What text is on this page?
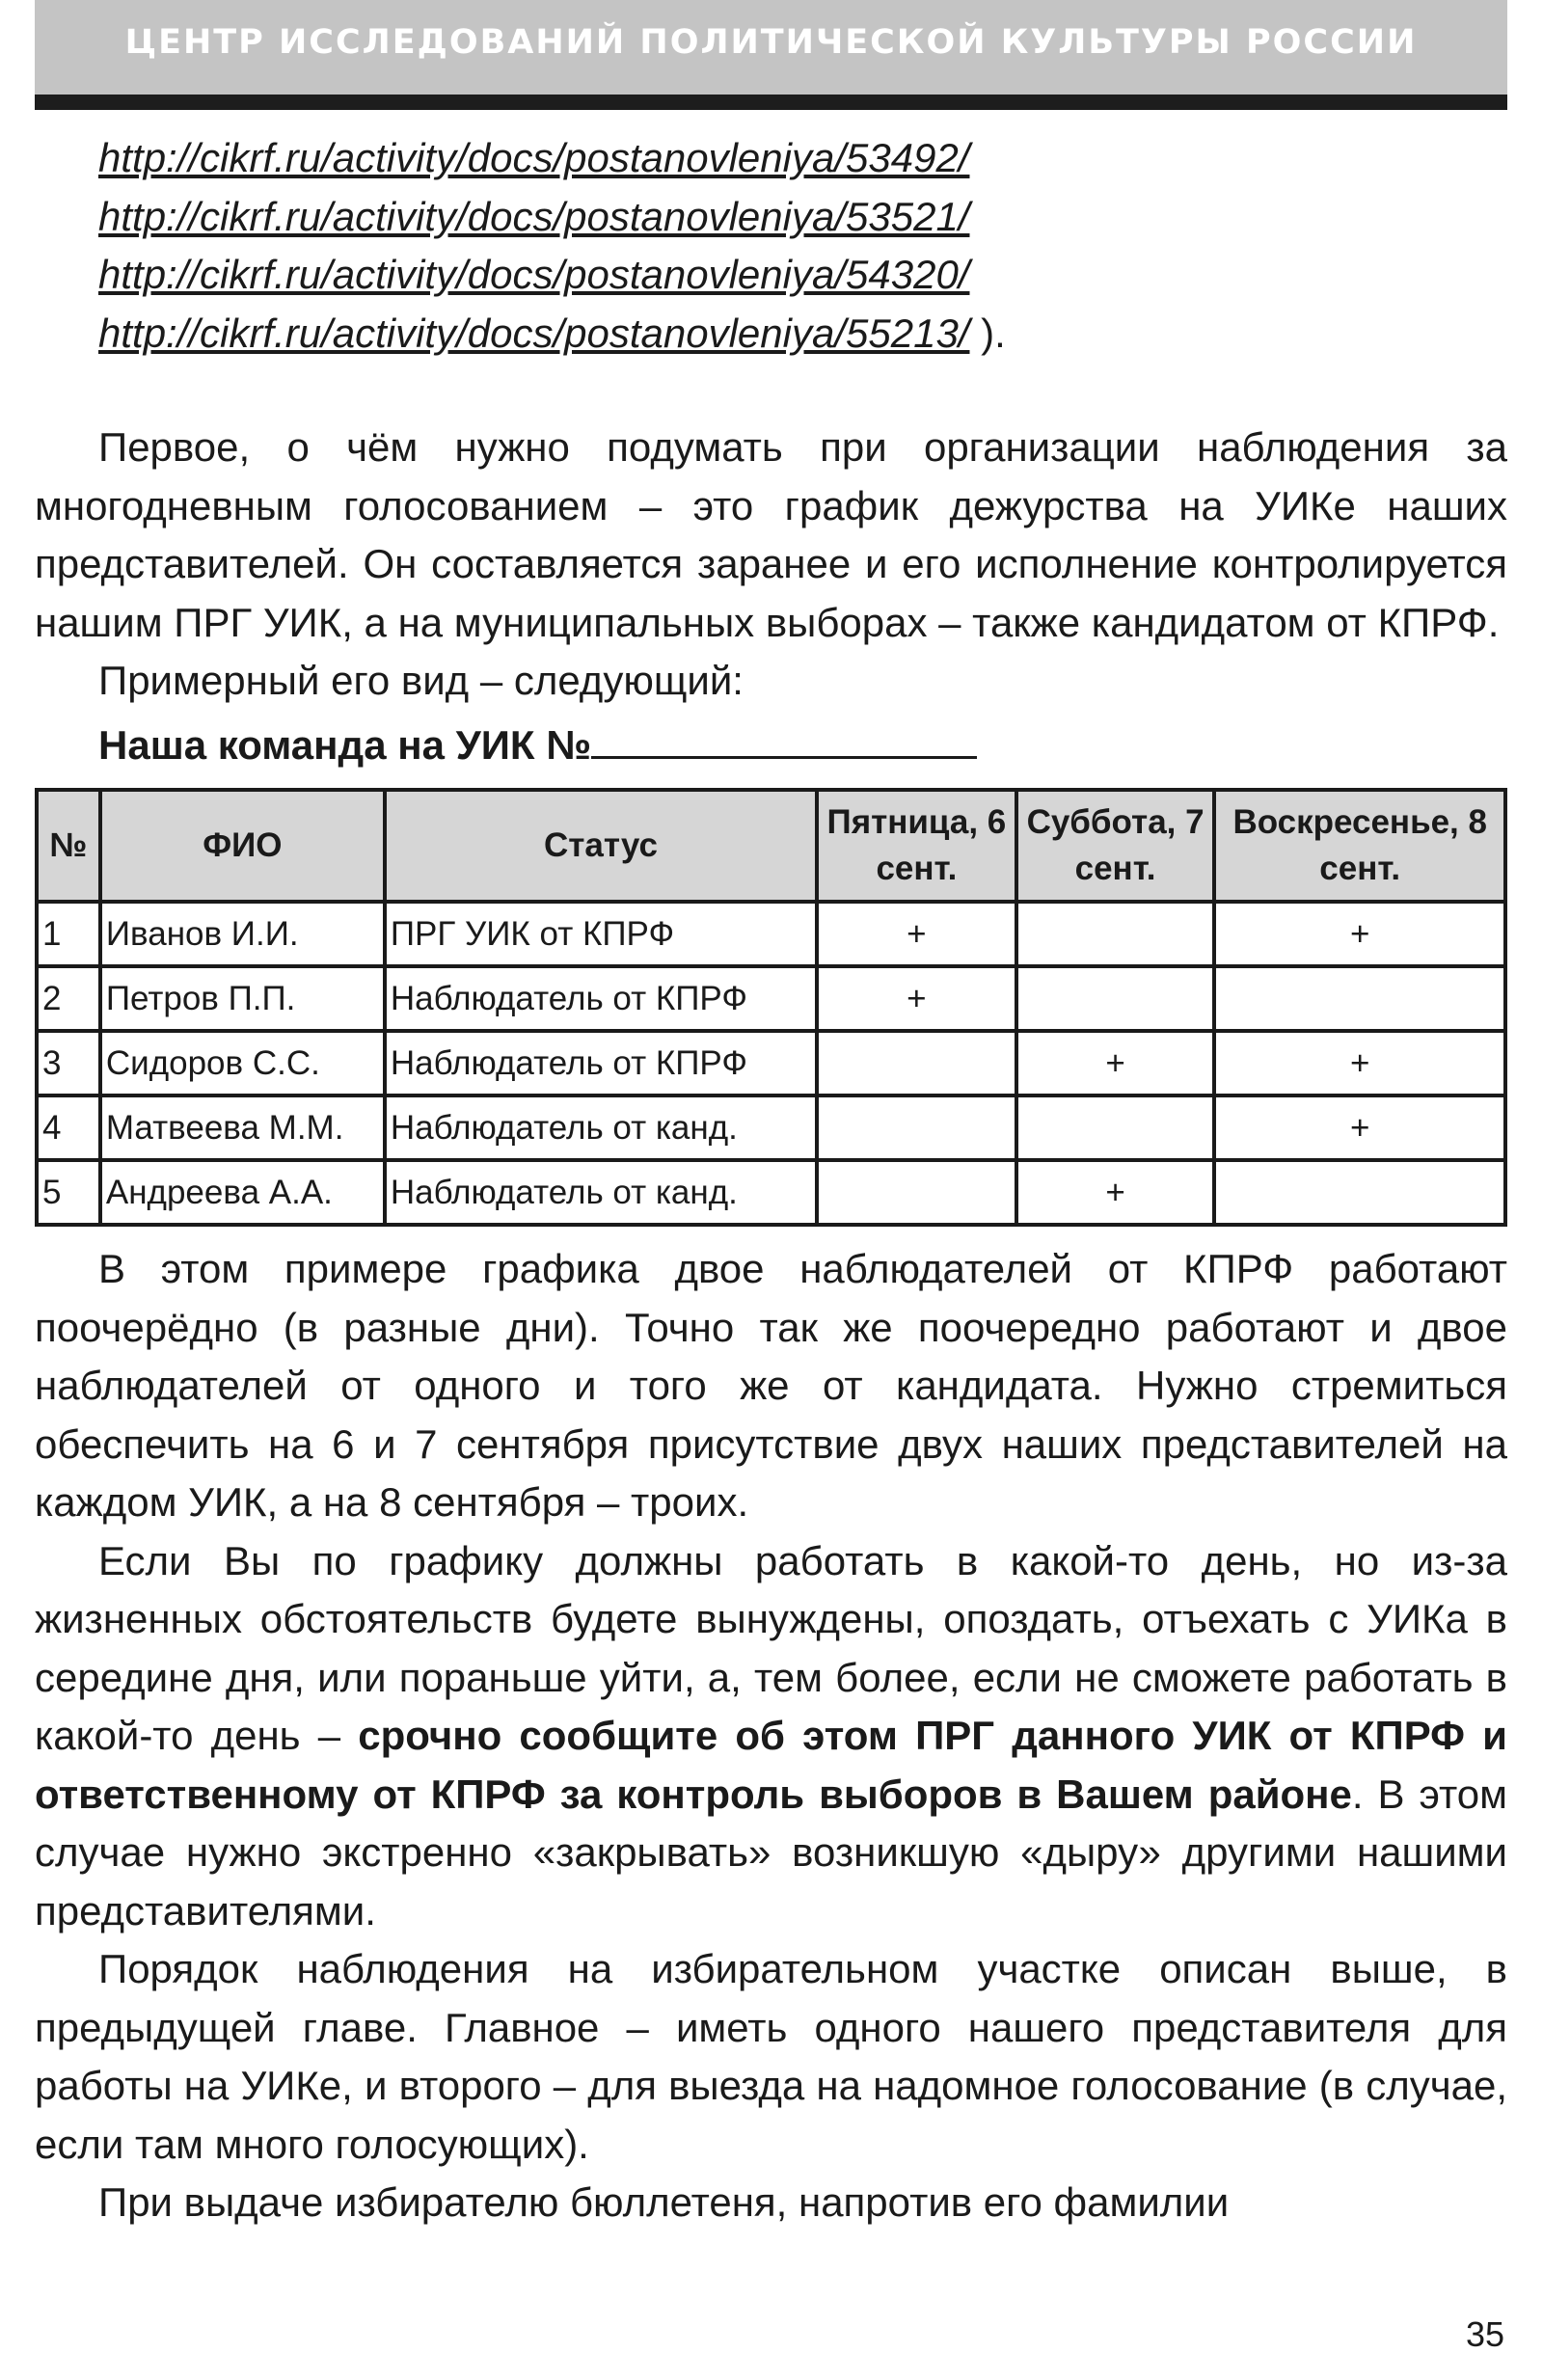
ЦЕНТР ИССЛЕДОВАНИЙ ПОЛИТИЧЕСКОЙ КУЛЬТУРЫ РОССИИ
http://cikrf.ru/activity/docs/postanovleniya/53492/
http://cikrf.ru/activity/docs/postanovleniya/53521/
http://cikrf.ru/activity/docs/postanovleniya/54320/
http://cikrf.ru/activity/docs/postanovleniya/55213/ ).

Первое, о чём нужно подумать при организации наблюдения за многодневным голосованием – это график дежурства на УИКе наших представителей. Он составляется заранее и его исполнение контролируется нашим ПРГ УИК, а на муниципальных выборах – также кандидатом от КПРФ.

Примерный его вид – следующий:

Наша команда на УИК №
№	ФИО	Статус	Пятница, 6 сент.	Суббота, 7 сент.	Воскресенье, 8 сент.
1	Иванов И.И.	ПРГ УИК от КПРФ	+		+
2	Петров П.П.	Наблюдатель от КПРФ	+		
3	Сидоров С.С.	Наблюдатель от КПРФ		+	+
4	Матвеева М.М.	Наблюдатель от канд.			+
5	Андреева А.А.	Наблюдатель от канд.		+	

В этом примере графика двое наблюдателей от КПРФ работают поочерёдно (в разные дни). Точно так же поочередно работают и двое наблюдателей от одного и того же от кандидата. Нужно стремиться обеспечить на 6 и 7 сентября присутствие двух наших представителей на каждом УИК, а на 8 сентября – троих.

Если Вы по графику должны работать в какой-то день, но из-за жизненных обстоятельств будете вынуждены, опоздать, отъехать с УИКа в середине дня, или пораньше уйти, а, тем более, если не сможете работать в какой-то день – срочно сообщите об этом ПРГ данного УИК от КПРФ и ответственному от КПРФ за контроль выборов в Вашем районе. В этом случае нужно экстренно «закрывать» возникшую «дыру» другими нашими представителями.

Порядок наблюдения на избирательном участке описан выше, в предыдущей главе. Главное – иметь одного нашего представителя для работы на УИКе, и второго – для выезда на надомное голосование (в случае, если там много голосующих).

При выдаче избирателю бюллетеня, напротив его фамилии

35
